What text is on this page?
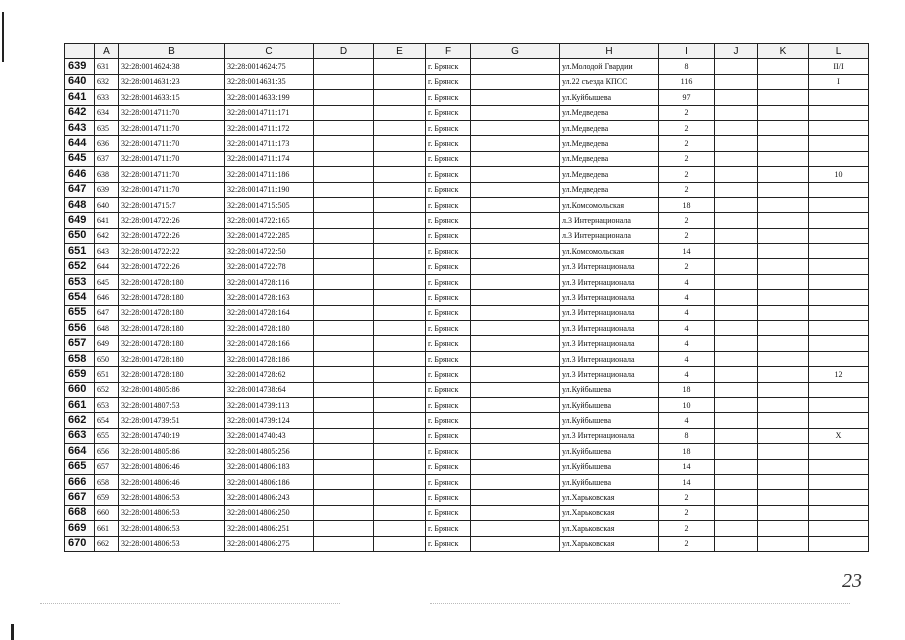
	A	B	C	D	E	F	G	H	I	J	K	L
639	631	32:28:0014624:38	32:28:0014624:75			г. Брянск		ул.Молодой Гвардии	8			II/I
640	632	32:28:0014631:23	32:28:0014631:35			г. Брянск		ул.22 съезда КПСС	116			I
641	633	32:28:0014633:15	32:28:0014633:199			г. Брянск		ул.Куйбышева	97			
642	634	32:28:0014711:70	32:28:0014711:171			г. Брянск		ул.Медведева	2			
643	635	32:28:0014711:70	32:28:0014711:172			г. Брянск		ул.Медведева	2			
644	636	32:28:0014711:70	32:28:0014711:173			г. Брянск		ул.Медведева	2			
645	637	32:28:0014711:70	32:28:0014711:174			г. Брянск		ул.Медведева	2			
646	638	32:28:0014711:70	32:28:0014711:186			г. Брянск		ул.Медведева	2			10
647	639	32:28:0014711:70	32:28:0014711:190			г. Брянск		ул.Медведева	2			
648	640	32:28:0014715:7	32:28:0014715:505			г. Брянск		ул.Комсомольская	18			
649	641	32:28:0014722:26	32:28:0014722:165			г. Брянск		л.3 Интернационала	2			
650	642	32:28:0014722:26	32:28:0014722:285			г. Брянск		л.3 Интернационала	2			
651	643	32:28:0014722:22	32:28:0014722:50			г. Брянск		ул.Комсомольская	14			
652	644	32:28:0014722:26	32:28:0014722:78			г. Брянск		ул.3 Интернационала	2			
653	645	32:28:0014728:180	32:28:0014728:116			г. Брянск		ул.3 Интернационала	4			
654	646	32:28:0014728:180	32:28:0014728:163			г. Брянск		ул.3 Интернационала	4			
655	647	32:28:0014728:180	32:28:0014728:164			г. Брянск		ул.3 Интернационала	4			
656	648	32:28:0014728:180	32:28:0014728:180			г. Брянск		ул.3 Интернационала	4			
657	649	32:28:0014728:180	32:28:0014728:166			г. Брянск		ул.3 Интернационала	4			
658	650	32:28:0014728:180	32:28:0014728:186			г. Брянск		ул.3 Интернационала	4			
659	651	32:28:0014728:180	32:28:0014728:62			г. Брянск		ул.3 Интернационала	4			12
660	652	32:28:0014805:86	32:28:0014738:64			г. Брянск		ул.Куйбышева	18			
661	653	32:28:0014807:53	32:28:0014739:113			г. Брянск		ул.Куйбышева	10			
662	654	32:28:0014739:51	32:28:0014739:124			г. Брянск		ул.Куйбышева	4			
663	655	32:28:0014740:19	32:28:0014740:43			г. Брянск		ул.3 Интернационала	8			X
664	656	32:28:0014805:86	32:28:0014805:256			г. Брянск		ул.Куйбышева	18			
665	657	32:28:0014806:46	32:28:0014806:183			г. Брянск		ул.Куйбышева	14			
666	658	32:28:0014806:46	32:28:0014806:186			г. Брянск		ул.Куйбышева	14			
667	659	32:28:0014806:53	32:28:0014806:243			г. Брянск		ул.Харьковская	2			
668	660	32:28:0014806:53	32:28:0014806:250			г. Брянск		ул.Харьковская	2			
669	661	32:28:0014806:53	32:28:0014806:251			г. Брянск		ул.Харьковская	2			
670	662	32:28:0014806:53	32:28:0014806:275			г. Брянск		ул.Харьковская	2			
23
